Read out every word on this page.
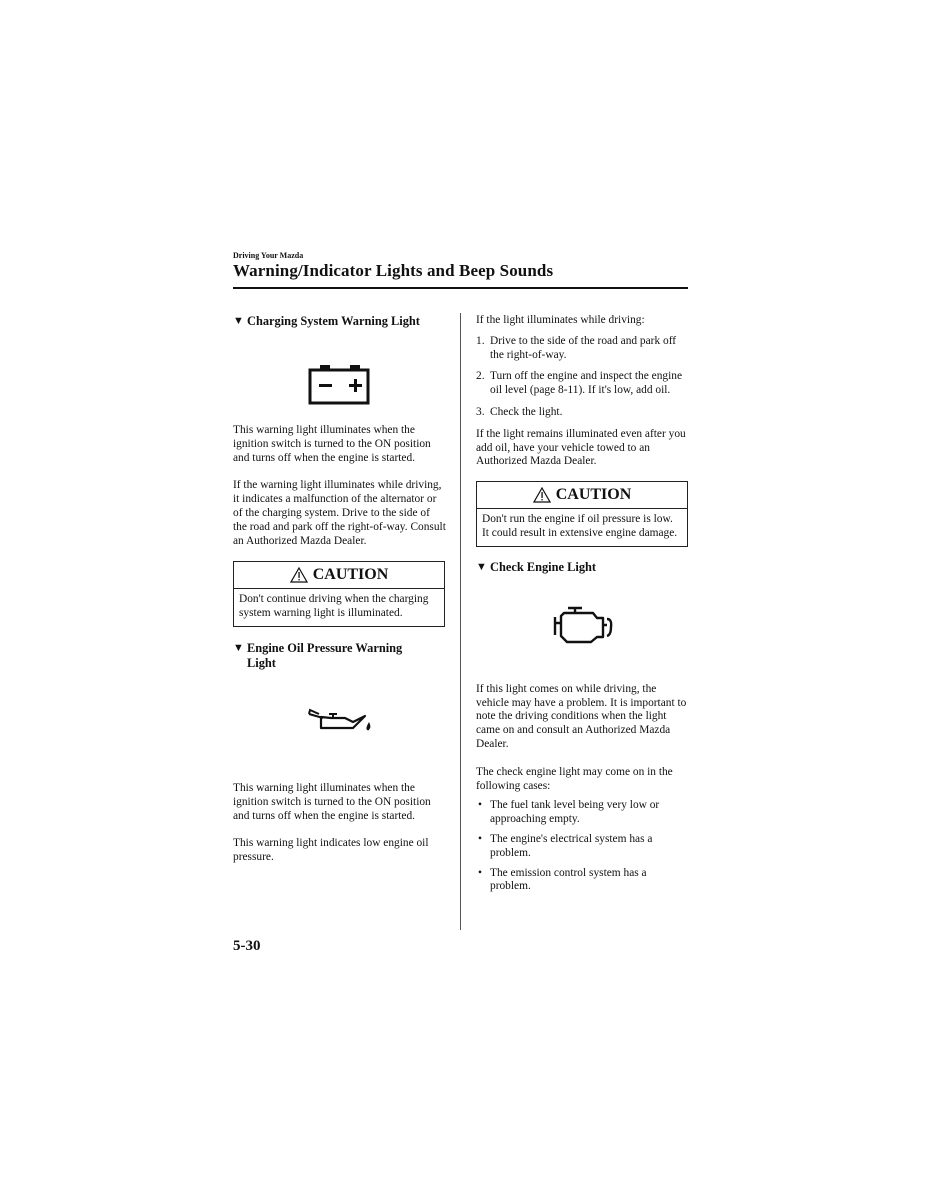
Driving Your Mazda
Warning/Indicator Lights and Beep Sounds
▼ Charging System Warning Light

This warning light illuminates when the ignition switch is turned to the ON position and turns off when the engine is started.

If the warning light illuminates while driving, it indicates a malfunction of the alternator or of the charging system. Drive to the side of the road and park off the right-of-way. Consult an Authorized Mazda Dealer.

CAUTION
Don't continue driving when the charging system warning light is illuminated.
▼ Engine Oil Pressure Warning
Light

This warning light illuminates when the ignition switch is turned to the ON position and turns off when the engine is started.

This warning light indicates low engine oil pressure.

If the light illuminates while driving:

1. Drive to the side of the road and park off the right-of-way.
2. Turn off the engine and inspect the engine oil level (page 8-11). If it's low, add oil.
3. Check the light.

If the light remains illuminated even after you add oil, have your vehicle towed to an Authorized Mazda Dealer.

CAUTION
Don't run the engine if oil pressure is low. It could result in extensive engine damage.
▼ Check Engine Light

If this light comes on while driving, the vehicle may have a problem. It is important to note the driving conditions when the light came on and consult an Authorized Mazda Dealer.

The check engine light may come on in the following cases:

• The fuel tank level being very low or approaching empty.
• The engine's electrical system has a problem.
• The emission control system has a problem.
5-30
